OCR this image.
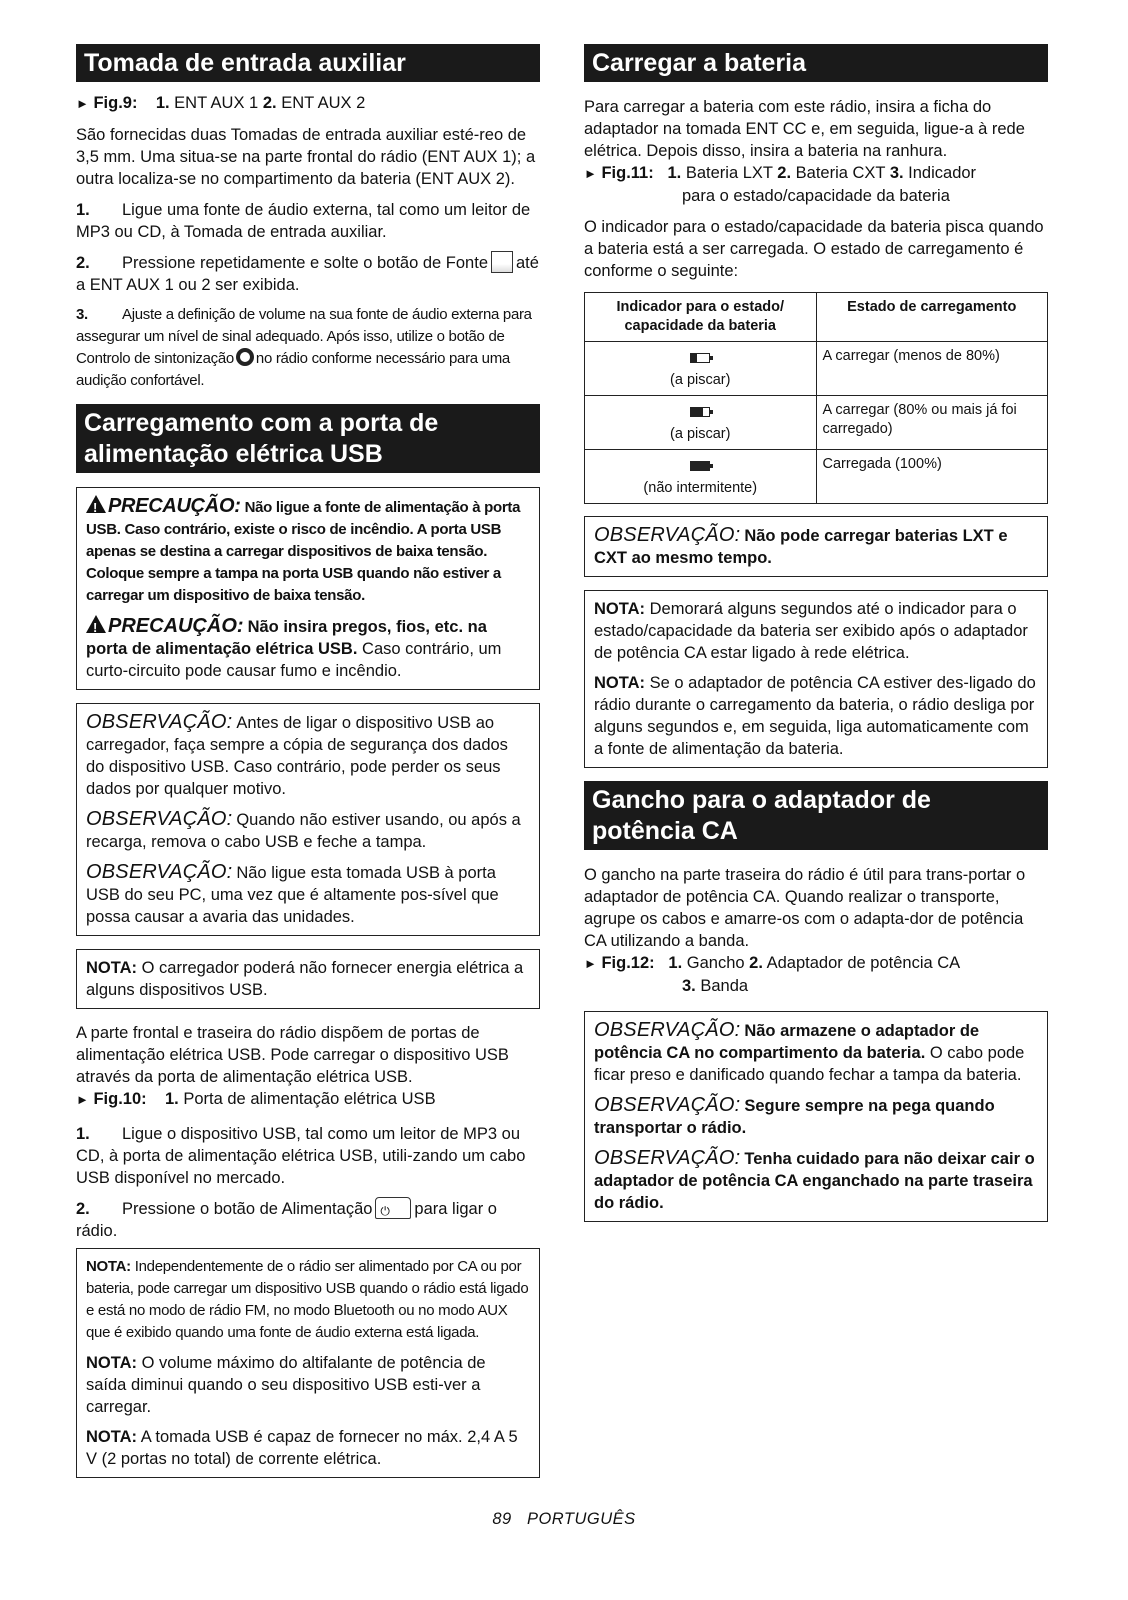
Tomada de entrada auxiliar
► Fig.9: 1. ENT AUX 1 2. ENT AUX 2

São fornecidas duas Tomadas de entrada auxiliar esté-reo de 3,5 mm. Uma situa-se na parte frontal do rádio (ENT AUX 1); a outra localiza-se no compartimento da bateria (ENT AUX 2).

1. Ligue uma fonte de áudio externa, tal como um leitor de MP3 ou CD, à Tomada de entrada auxiliar.
2. Pressione repetidamente e solte o botão de Fonte até a ENT AUX 1 ou 2 ser exibida.
3. Ajuste a definição de volume na sua fonte de áudio externa para assegurar um nível de sinal adequado. Após isso, utilize o botão de Controlo de sintonização no rádio conforme necessário para uma audição confortável.
Carregamento com a porta de alimentação elétrica USB

!PRECAUÇÃO: Não ligue a fonte de alimentação à porta USB. Caso contrário, existe o risco de incêndio. A porta USB apenas se destina a carregar dispositivos de baixa tensão. Coloque sempre a tampa na porta USB quando não estiver a carregar um dispositivo de baixa tensão.

!PRECAUÇÃO: Não insira pregos, fios, etc. na porta de alimentação elétrica USB. Caso contrário, um curto-circuito pode causar fumo e incêndio.

OBSERVAÇÃO: Antes de ligar o dispositivo USB ao carregador, faça sempre a cópia de segurança dos dados do dispositivo USB. Caso contrário, pode perder os seus dados por qualquer motivo.

OBSERVAÇÃO: Quando não estiver usando, ou após a recarga, remova o cabo USB e feche a tampa.

OBSERVAÇÃO: Não ligue esta tomada USB à porta USB do seu PC, uma vez que é altamente pos-sível que possa causar a avaria das unidades.

NOTA: O carregador poderá não fornecer energia elétrica a alguns dispositivos USB.

A parte frontal e traseira do rádio dispõem de portas de alimentação elétrica USB. Pode carregar o dispositivo USB através da porta de alimentação elétrica USB.

► Fig.10: 1. Porta de alimentação elétrica USB
1. Ligue o dispositivo USB, tal como um leitor de MP3 ou CD, à porta de alimentação elétrica USB, utili-zando um cabo USB disponível no mercado.
2. Pressione o botão de Alimentação ⏻	para ligar o rádio.

NOTA: Independentemente de o rádio ser alimentado por CA ou por bateria, pode carregar um dispositivo USB quando o rádio está ligado e está no modo de rádio FM, no modo Bluetooth ou no modo AUX que é exibido quando uma fonte de áudio externa está ligada.

NOTA: O volume máximo do altifalante de potência de saída diminui quando o seu dispositivo USB esti-ver a carregar.

NOTA: A tomada USB é capaz de fornecer no máx. 2,4 A 5 V (2 portas no total) de corrente elétrica.

Carregar a bateria

Para carregar a bateria com este rádio, insira a ficha do adaptador na tomada ENT CC e, em seguida, ligue-a à rede elétrica. Depois disso, insira a bateria na ranhura.

► Fig.11: 1. Bateria LXT 2. Bateria CXT 3. Indicador
para o estado/capacidade da bateria

O indicador para o estado/capacidade da bateria pisca quando a bateria está a ser carregada. O estado de carregamento é conforme o seguinte:

Indicador para o estado/ capacidade da bateria	Estado de carregamento

(a piscar)	A carregar (menos de 80%)

(a piscar)	A carregar (80% ou mais já foi carregado)

(não intermitente)	Carregada (100%)

OBSERVAÇÃO: Não pode carregar baterias LXT e CXT ao mesmo tempo.

NOTA: Demorará alguns segundos até o indicador para o estado/capacidade da bateria ser exibido após o adaptador de potência CA estar ligado à rede elétrica.

NOTA: Se o adaptador de potência CA estiver des-ligado do rádio durante o carregamento da bateria, o rádio desliga por alguns segundos e, em seguida, liga automaticamente com a fonte de alimentação da bateria.

Gancho para o adaptador de potência CA

O gancho na parte traseira do rádio é útil para trans-portar o adaptador de potência CA. Quando realizar o transporte, agrupe os cabos e amarre-os com o adapta-dor de potência CA utilizando a banda.

► Fig.12: 1. Gancho 2. Adaptador de potência CA
3. Banda

OBSERVAÇÃO: Não armazene o adaptador de potência CA no compartimento da bateria. O cabo pode ficar preso e danificado quando fechar a tampa da bateria.

OBSERVAÇÃO: Segure sempre na pega quando transportar o rádio.

OBSERVAÇÃO: Tenha cuidado para não deixar cair o adaptador de potência CA enganchado na parte traseira do rádio.

89 PORTUGUÊS
